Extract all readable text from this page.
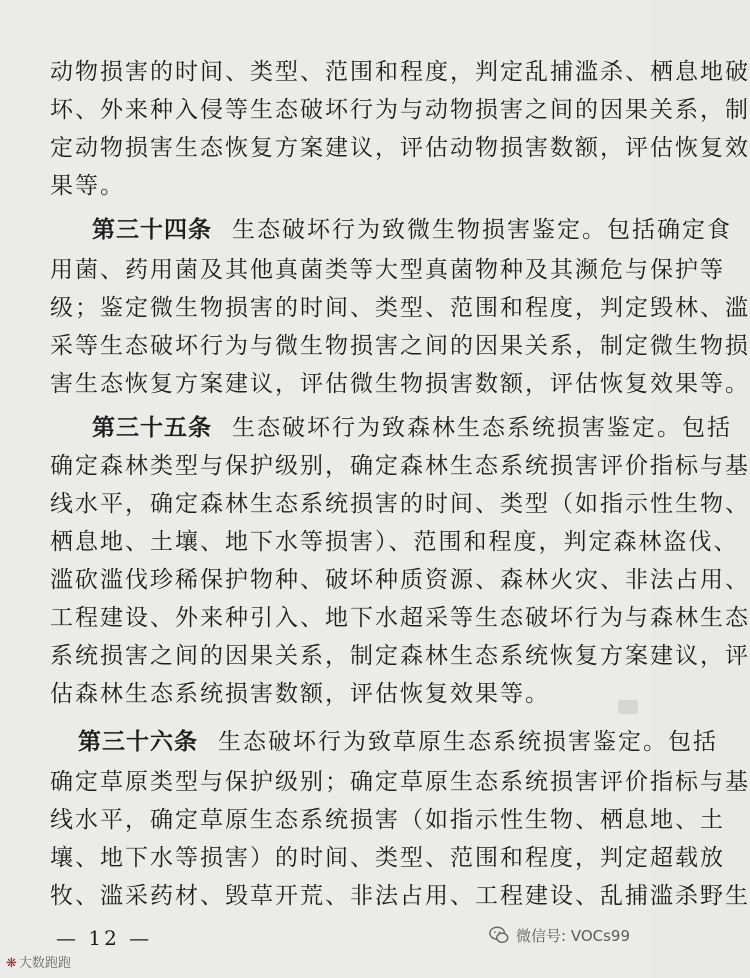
动物损害的时间、类型、范围和程度，判定乱捕滥杀、栖息地破
坏、外来种入侵等生态破坏行为与动物损害之间的因果关系，制
定动物损害生态恢复方案建议，评估动物损害数额，评估恢复效
果等。
第三十四条 生态破坏行为致微生物损害鉴定。包括确定食
用菌、药用菌及其他真菌类等大型真菌物种及其濒危与保护等
级；鉴定微生物损害的时间、类型、范围和程度，判定毁林、滥
采等生态破坏行为与微生物损害之间的因果关系，制定微生物损
害生态恢复方案建议，评估微生物损害数额，评估恢复效果等。
第三十五条 生态破坏行为致森林生态系统损害鉴定。包括
确定森林类型与保护级别，确定森林生态系统损害评价指标与基
线水平，确定森林生态系统损害的时间、类型（如指示性生物、
栖息地、土壤、地下水等损害）、范围和程度，判定森林盗伐、
滥砍滥伐珍稀保护物种、破坏种质资源、森林火灾、非法占用、
工程建设、外来种引入、地下水超采等生态破坏行为与森林生态
系统损害之间的因果关系，制定森林生态系统恢复方案建议，评
估森林生态系统损害数额，评估恢复效果等。
第三十六条 生态破坏行为致草原生态系统损害鉴定。包括
确定草原类型与保护级别；确定草原生态系统损害评价指标与基
线水平，确定草原生态系统损害（如指示性生物、栖息地、土
壤、地下水等损害）的时间、类型、范围和程度，判定超载放
牧、滥采药材、毁草开荒、非法占用、工程建设、乱捕滥杀野生
— 12 —
❋ 大数跑跑
微信号: VOCs99
